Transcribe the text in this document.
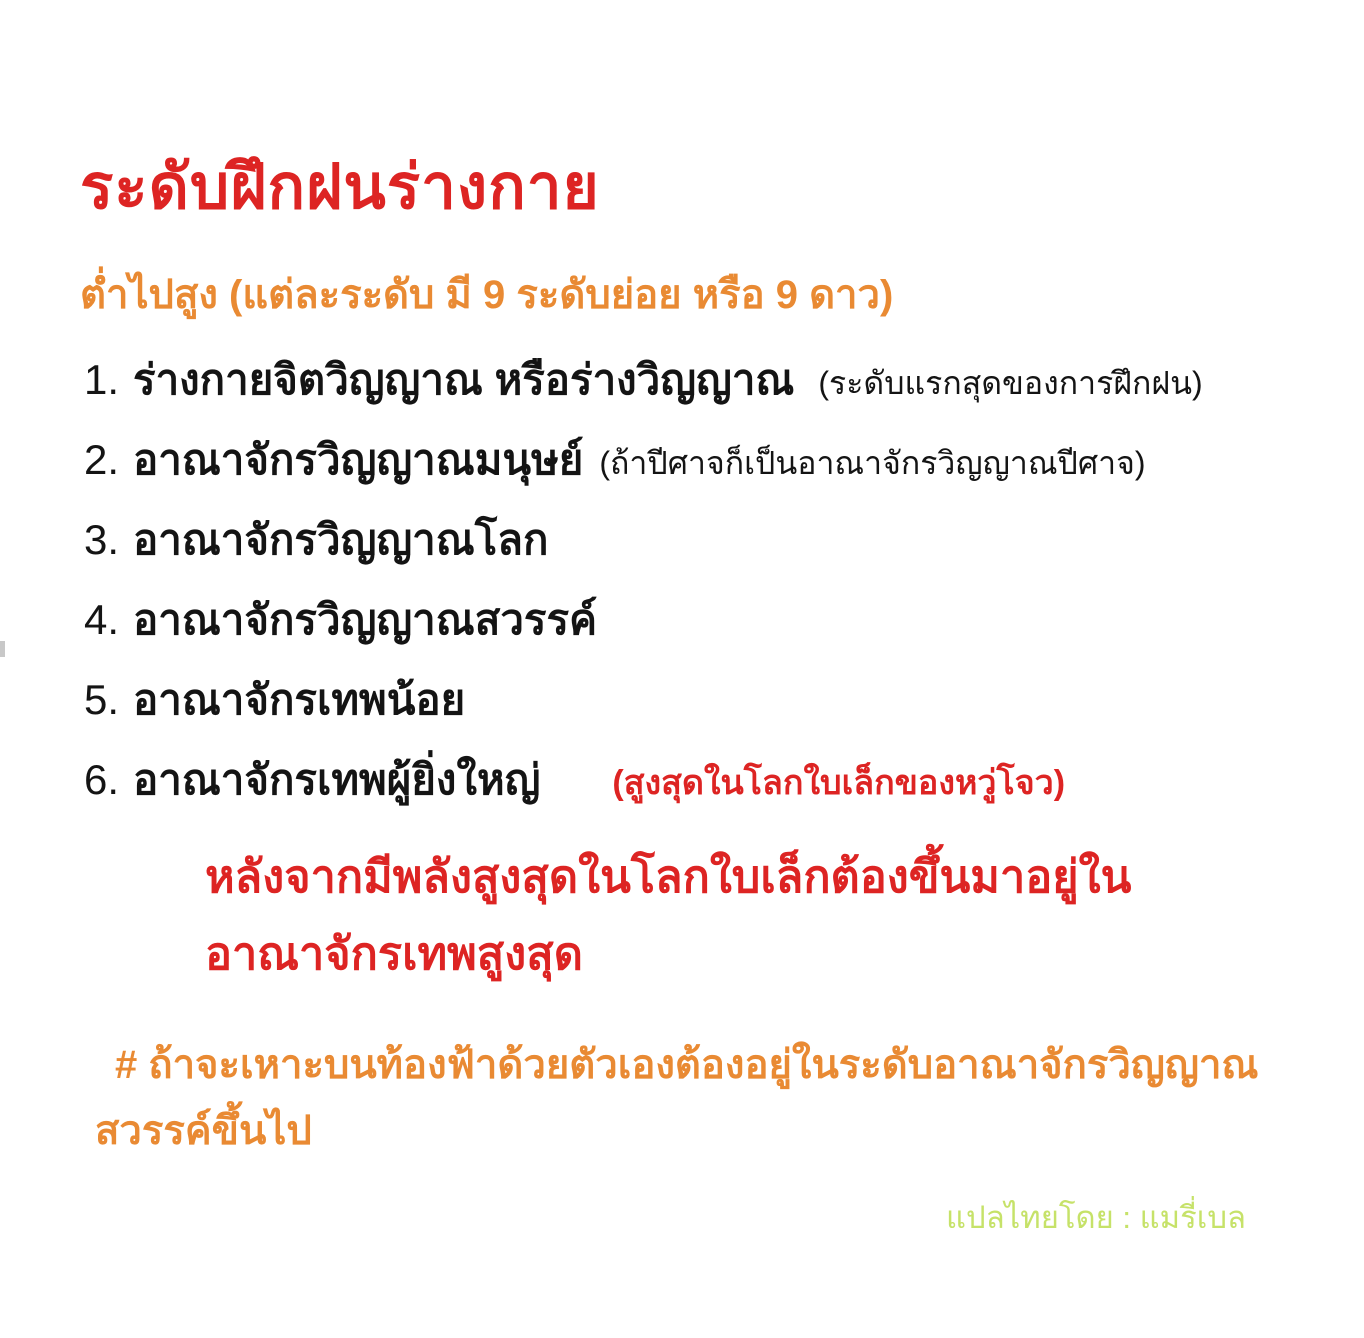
ระดับฝึกฝนร่างกาย
ต่ำไปสูง (แต่ละระดับ มี 9 ระดับย่อย หรือ 9 ดาว)
1. ร่างกายจิตวิญญาณ หรือร่างวิญญาณ (ระดับแรกสุดของการฝึกฝน)
2. อาณาจักรวิญญาณมนุษย์ (ถ้าปีศาจก็เป็นอาณาจักรวิญญาณปีศาจ)
3. อาณาจักรวิญญาณโลก
4. อาณาจักรวิญญาณสวรรค์
5. อาณาจักรเทพน้อย
6. อาณาจักรเทพผู้ยิ่งใหญ่ (สูงสุดในโลกใบเล็กของหวู่โจว)
หลังจากมีพลังสูงสุดในโลกใบเล็กต้องขึ้นมาอยู่ใน
อาณาจักรเทพสูงสุด
# ถ้าจะเหาะบนท้องฟ้าด้วยตัวเองต้องอยู่ในระดับอาณาจักรวิญญาณ
สวรรค์ขึ้นไป
แปลไทยโดย : แมรี่เบล
